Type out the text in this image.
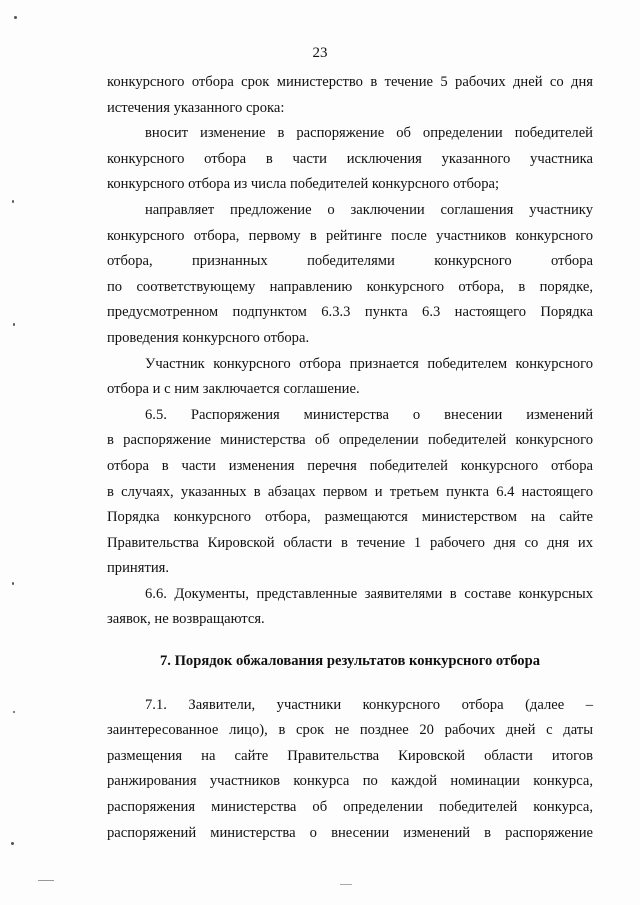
23

конкурсного отбора срок министерство в течение 5 рабочих дней со дня
истечения указанного срока:

вносит изменение в распоряжение об определении победителей
конкурсного отбора в части исключения указанного участника
конкурсного отбора из числа победителей конкурсного отбора;

направляет предложение о заключении соглашения участнику
конкурсного отбора, первому в рейтинге после участников конкурсного
отбора, признанных победителями конкурсного отбора
по соответствующему направлению конкурсного отбора, в порядке,
предусмотренном подпунктом 6.3.3 пункта 6.3 настоящего Порядка
проведения конкурсного отбора.

Участник конкурсного отбора признается победителем конкурсного
отбора и с ним заключается соглашение.

6.5. Распоряжения министерства о внесении изменений
в распоряжение министерства об определении победителей конкурсного
отбора в части изменения перечня победителей конкурсного отбора
в случаях, указанных в абзацах первом и третьем пункта 6.4 настоящего
Порядка конкурсного отбора, размещаются министерством на сайте
Правительства Кировской области в течение 1 рабочего дня со дня их
принятия.

6.6. Документы, представленные заявителями в составе конкурсных
заявок, не возвращаются.

7. Порядок обжалования результатов конкурсного отбора

7.1. Заявители, участники конкурсного отбора (далее –
заинтересованное лицо), в срок не позднее 20 рабочих дней с даты
размещения на сайте Правительства Кировской области итогов
ранжирования участников конкурса по каждой номинации конкурса,
распоряжения министерства об определении победителей конкурса,
распоряжений министерства о внесении изменений в распоряжение
